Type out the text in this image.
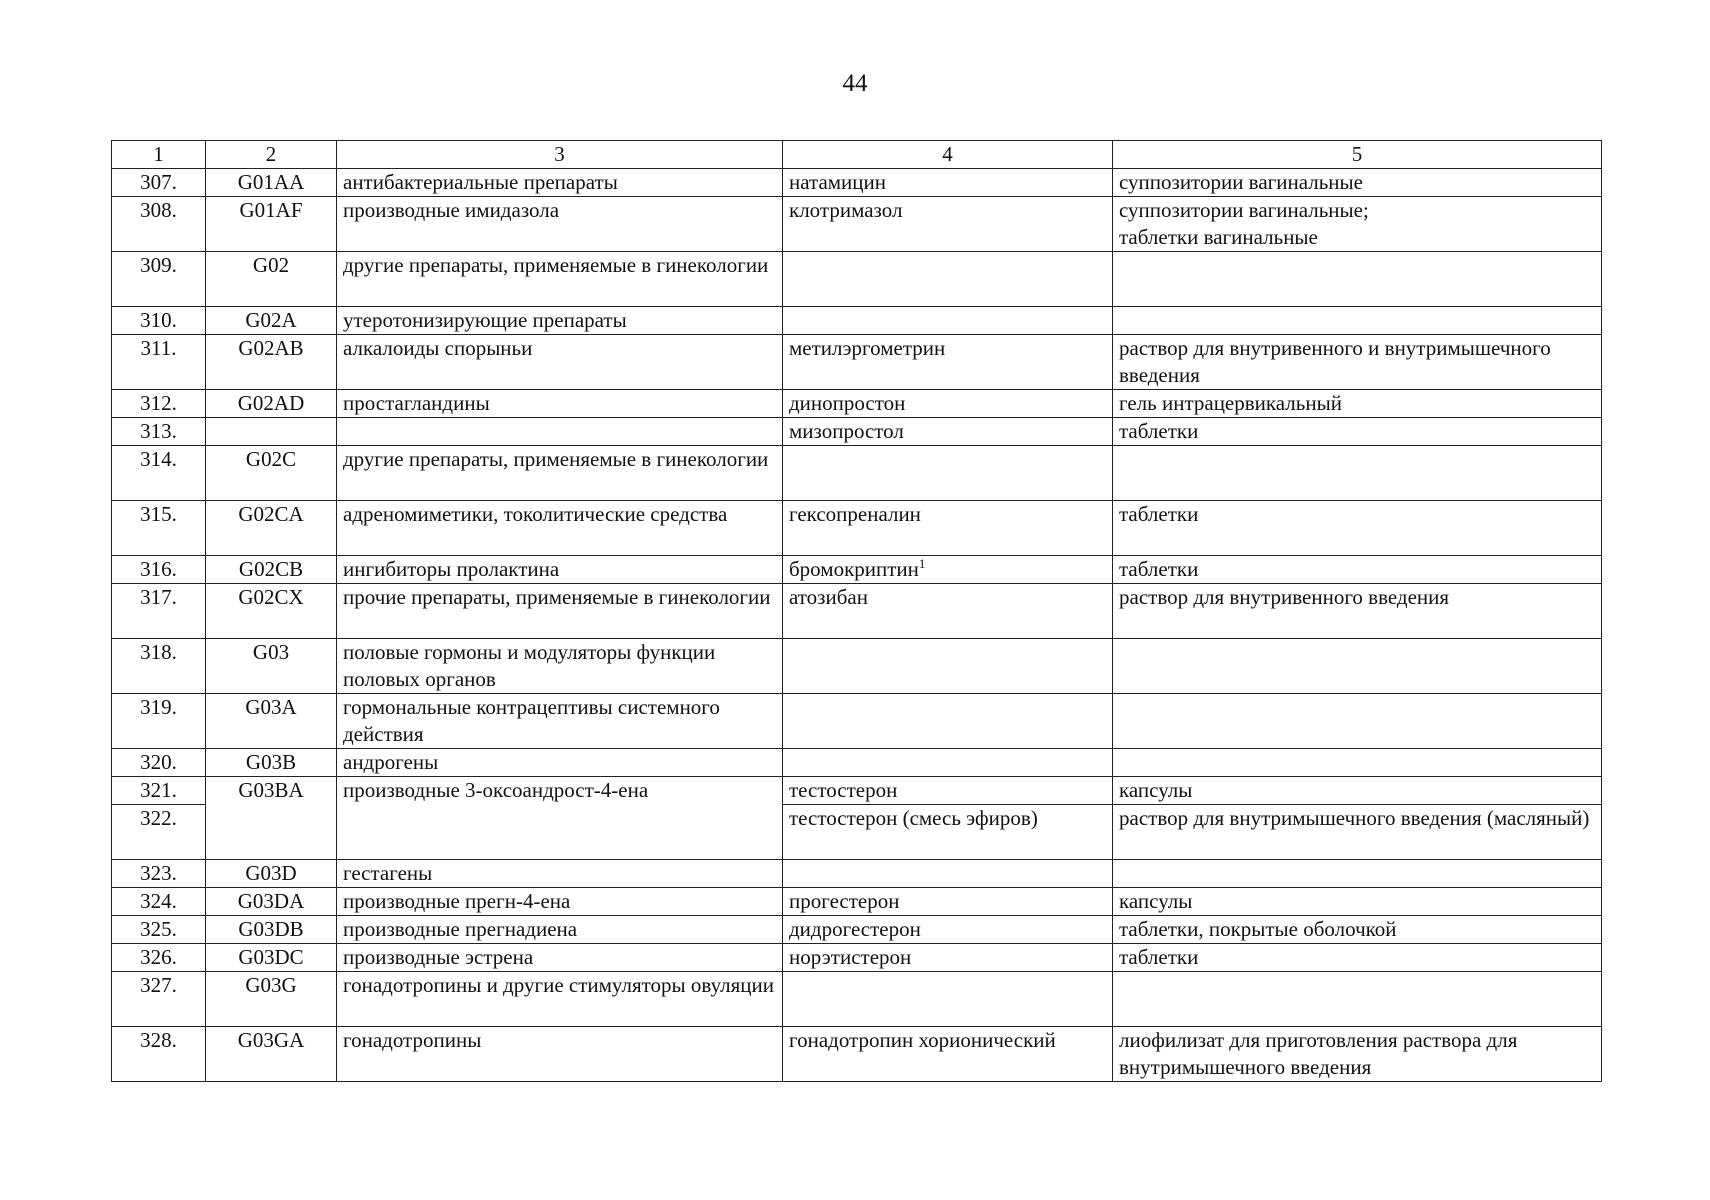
44
1	2	3	4	5
307.	G01AA	антибактериальные препараты	натамицин	суппозитории вагинальные
308.	G01AF	производные имидазола	клотримазол	суппозитории вагинальные;
таблетки вагинальные
309.	G02	другие препараты, применяемые в гинекологии		
310.	G02A	утеротонизирующие препараты		
311.	G02AB	алкалоиды спорыньи	метилэргометрин	раствор для внутривенного и внутримышечного введения
312.	G02AD	простагландины	динопростон	гель интрацервикальный
313.			мизопростол	таблетки
314.	G02C	другие препараты, применяемые в гинекологии		
315.	G02CA	адреномиметики, токолитические средства	гексопреналин	таблетки
316.	G02CB	ингибиторы пролактина	бромокриптин$^1$	таблетки
317.	G02CX	прочие препараты, применяемые в гинекологии	атозибан	раствор для внутривенного введения
318.	G03	половые гормоны и модуляторы функции половых органов		
319.	G03A	гормональные контрацептивы системного действия		
320.	G03B	андрогены		
321.	G03BA	производные 3-оксоандрост-4-ена	тестостерон	капсулы
322.			тестостерон (смесь эфиров)	раствор для внутримышечного введения (масляный)
323.	G03D	гестагены		
324.	G03DA	производные прегн-4-ена	прогестерон	капсулы
325.	G03DB	производные прегнадиена	дидрогестерон	таблетки, покрытые оболочкой
326.	G03DC	производные эстрена	норэтистерон	таблетки
327.	G03G	гонадотропины и другие стимуляторы овуляции		
328.	G03GA	гонадотропины	гонадотропин хорионический	лиофилизат для приготовления раствора для внутримышечного введения
